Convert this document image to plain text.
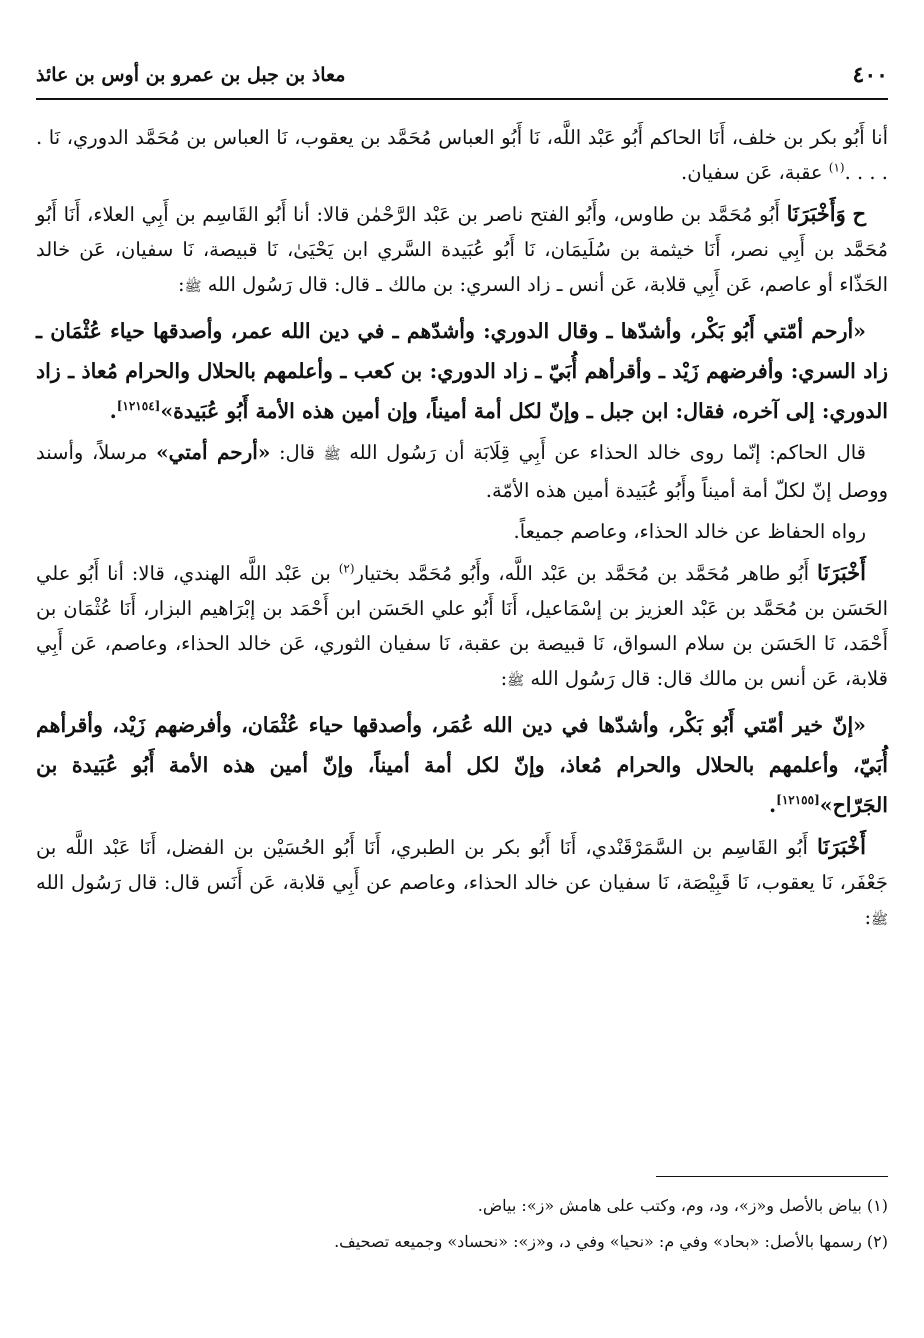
٤٠٠
معاذ بن جبل بن عمرو بن أوس بن عائذ

أنا أَبُو بكر بن خلف، أَنَا الحاكم أَبُو عَبْد اللَّه، نَا أَبُو العباس مُحَمَّد بن يعقوب، نَا العباس بن مُحَمَّد الدوري، نَا . . . . .$^{(١)}$ عقبة، عَن سفيان.

ح وَأَخْبَرَنَا أَبُو مُحَمَّد بن طاوس، وأَبُو الفتح ناصر بن عَبْد الرَّحْمٰن قالا: أنا أَبُو القَاسِم بن أَبِي العلاء، أَنَا أَبُو مُحَمَّد بن أَبِي نصر، أَنَا خيثمة بن سُلَيمَان، نَا أَبُو عُبَيدة السَّري ابن يَحْيَىٰ، نَا قبيصة، نَا سفيان، عَن خالد الحَذّاء أو عاصم، عَن أَبِي قلابة، عَن أنس ـ زاد السري: بن مالك ـ قال: قال رَسُول الله ﷺ:

«أرحم أمّتي أَبُو بَكْر، وأشدّها ـ وقال الدوري: وأشدّهم ـ في دين الله عمر، وأصدقها حياء عُثْمَان ـ زاد السري: وأفرضهم زَيْد ـ وأقرأهم أُبَيّ ـ زاد الدوري: بن كعب ـ وأعلمهم بالحلال والحرام مُعاذ ـ زاد الدوري: إلى آخره، فقال: ابن جبل ـ وإنّ لكل أمة أميناً، وإن أمين هذه الأمة أَبُو عُبَيدة»[١٢١٥٤].

قال الحاكم: إنّما روى خالد الحذاء عن أَبِي قِلَابَة أن رَسُول الله ﷺ قال: «أرحم أمتي» مرسلاً، وأسند ووصل إنّ لكلّ أمة أميناً وأَبُو عُبَيدة أمين هذه الأمّة.

رواه الحفاظ عن خالد الحذاء، وعاصم جميعاً.

أَخْبَرَنَا أَبُو طاهر مُحَمَّد بن مُحَمَّد بن عَبْد اللَّه، وأَبُو مُحَمَّد بختيار$^{(٢)}$ بن عَبْد اللَّه الهندي، قالا: أنا أَبُو علي الحَسَن بن مُحَمَّد بن عَبْد العزيز بن إسْمَاعيل، أَنَا أَبُو علي الحَسَن ابن أَحْمَد بن إبْرَاهيم البزار، أَنَا عُثْمَان بن أَحْمَد، نَا الحَسَن بن سلام السواق، نَا قبيصة بن عقبة، نَا سفيان الثوري، عَن خالد الحذاء، وعاصم، عَن أَبِي قلابة، عَن أنس بن مالك قال: قال رَسُول الله ﷺ:

«إنّ خير أمّتي أَبُو بَكْر، وأشدّها في دين الله عُمَر، وأصدقها حياء عُثْمَان، وأفرضهم زَيْد، وأقرأهم أُبَيّ، وأعلمهم بالحلال والحرام مُعاذ، وإنّ لكل أمة أميناً، وإنّ أمين هذه الأمة أَبُو عُبَيدة بن الجَرّاح»[١٢١٥٥].

أَخْبَرَنَا أَبُو القَاسِم بن السَّمَرْقَنْدي، أَنَا أَبُو بكر بن الطبري، أَنَا أَبُو الحُسَيْن بن الفضل، أَنَا عَبْد اللَّه بن جَعْفَر، نَا يعقوب، نَا قَبِيْصَة، نَا سفيان عن خالد الحذاء، وعاصم عن أَبِي قلابة، عَن أَنَس قال: قال رَسُول الله ﷺ:

(١) بياض بالأصل و«ز»، ود، وم، وكتب على هامش «ز»: بياض.

(٢) رسمها بالأصل: «بحاد» وفي م: «نحيا» وفي د، و«ز»: «نحساد» وجميعه تصحيف.
